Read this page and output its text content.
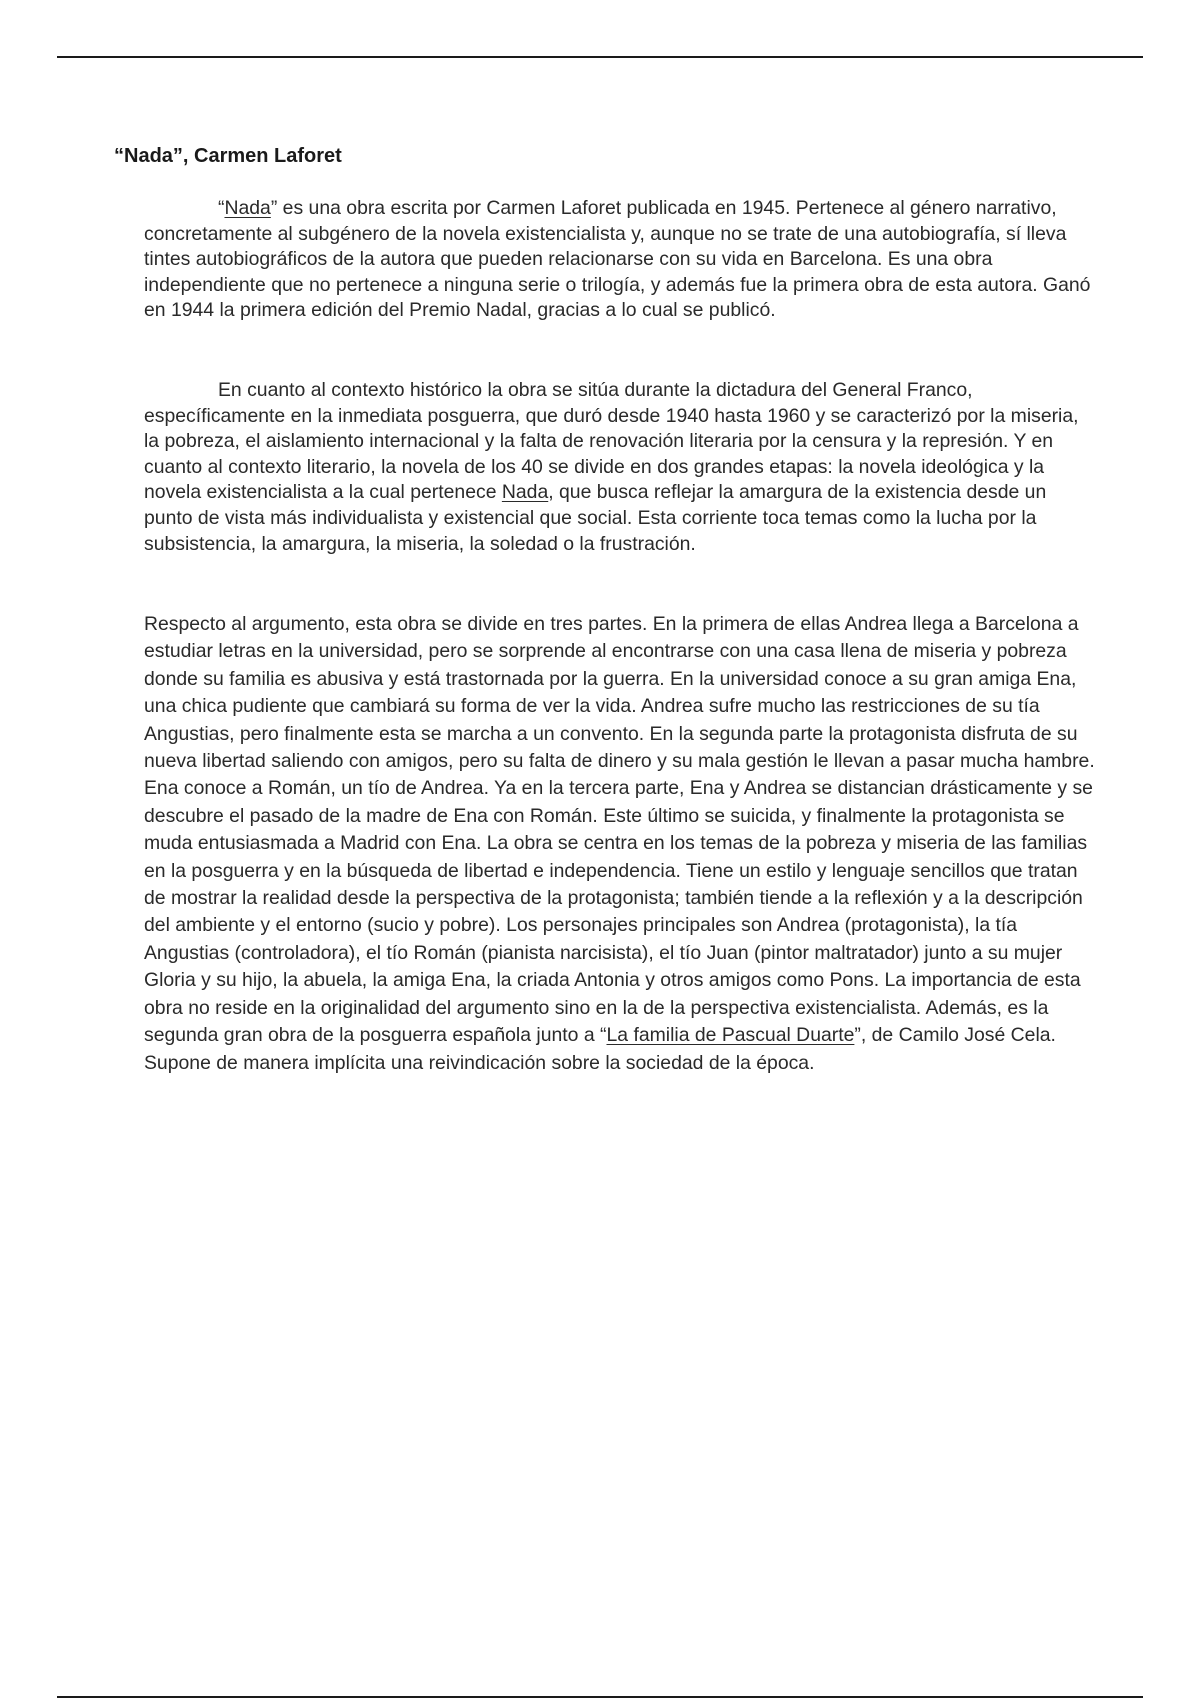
“Nada”, Carmen Laforet

“Nada” es una obra escrita por Carmen Laforet publicada en 1945. Pertenece al género narrativo, concretamente al subgénero de la novela existencialista y, aunque no se trate de una autobiografía, sí lleva tintes autobiográficos de la autora que pueden relacionarse con su vida en Barcelona. Es una obra independiente que no pertenece a ninguna serie o trilogía, y además fue la primera obra de esta autora. Ganó en 1944 la primera edición del Premio Nadal, gracias a lo cual se publicó.

En cuanto al contexto histórico la obra se sitúa durante la dictadura del General Franco, específicamente en la inmediata posguerra, que duró desde 1940 hasta 1960 y se caracterizó por la miseria, la pobreza, el aislamiento internacional y la falta de renovación literaria por la censura y la represión. Y en cuanto al contexto literario, la novela de los 40 se divide en dos grandes etapas: la novela ideológica y la novela existencialista a la cual pertenece Nada, que busca reflejar la amargura de la existencia desde un punto de vista más individualista y existencial que social. Esta corriente toca temas como la lucha por la subsistencia, la amargura, la miseria, la soledad o la frustración.

Respecto al argumento, esta obra se divide en tres partes. En la primera de ellas Andrea llega a Barcelona a estudiar letras en la universidad, pero se sorprende al encontrarse con una casa llena de miseria y pobreza donde su familia es abusiva y está trastornada por la guerra. En la universidad conoce a su gran amiga Ena, una chica pudiente que cambiará su forma de ver la vida. Andrea sufre mucho las restricciones de su tía Angustias, pero finalmente esta se marcha a un convento. En la segunda parte la protagonista disfruta de su nueva libertad saliendo con amigos, pero su falta de dinero y su mala gestión le llevan a pasar mucha hambre. Ena conoce a Román, un tío de Andrea. Ya en la tercera parte, Ena y Andrea se distancian drásticamente y se descubre el pasado de la madre de Ena con Román. Este último se suicida, y finalmente la protagonista se muda entusiasmada a Madrid con Ena. La obra se centra en los temas de la pobreza y miseria de las familias en la posguerra y en la búsqueda de libertad e independencia. Tiene un estilo y lenguaje sencillos que tratan de mostrar la realidad desde la perspectiva de la protagonista; también tiende a la reflexión y a la descripción del ambiente y el entorno (sucio y pobre). Los personajes principales son Andrea (protagonista), la tía Angustias (controladora), el tío Román (pianista narcisista), el tío Juan (pintor maltratador) junto a su mujer Gloria y su hijo, la abuela, la amiga Ena, la criada Antonia y otros amigos como Pons. La importancia de esta obra no reside en la originalidad del argumento sino en la de la perspectiva existencialista. Además, es la segunda gran obra de la posguerra española junto a “La familia de Pascual Duarte”, de Camilo José Cela. Supone de manera implícita una reivindicación sobre la sociedad de la época.
